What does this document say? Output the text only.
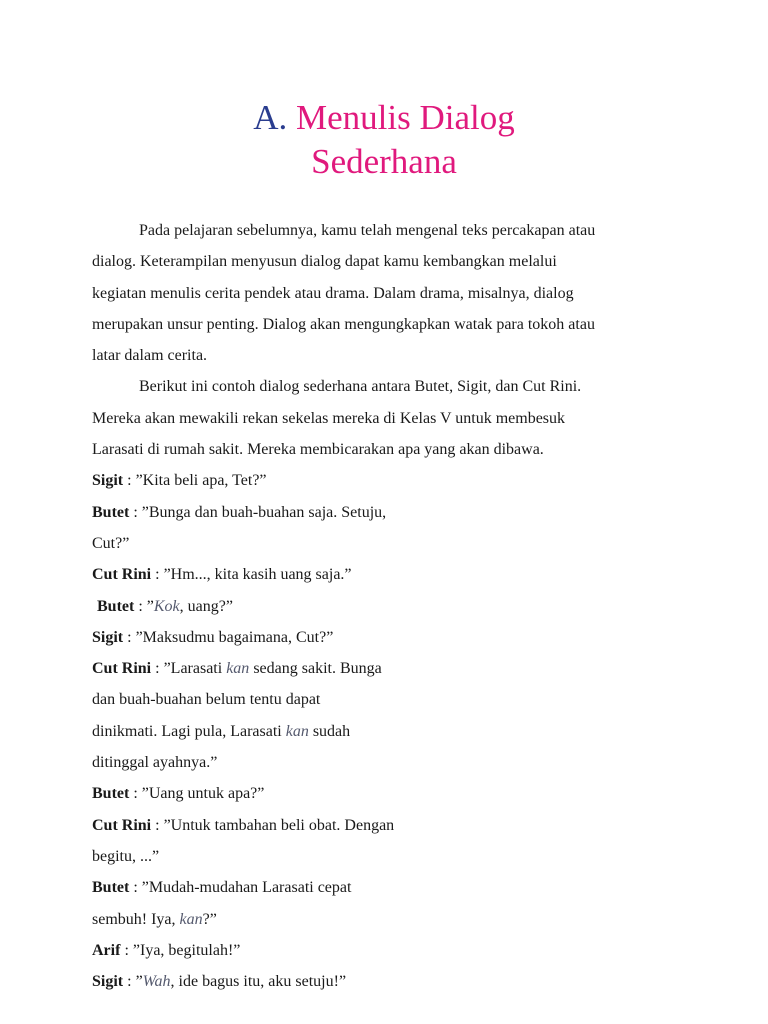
A. Menulis Dialog
Sederhana
Pada pelajaran sebelumnya, kamu telah mengenal teks percakapan atau
dialog. Keterampilan menyusun dialog dapat kamu kembangkan melalui
kegiatan menulis cerita pendek atau drama. Dalam drama, misalnya, dialog
merupakan unsur penting. Dialog akan mengungkapkan watak para tokoh atau
latar dalam cerita.
Berikut ini contoh dialog sederhana antara Butet, Sigit, dan Cut Rini.
Mereka akan mewakili rekan sekelas mereka di Kelas V untuk membesuk
Larasati di rumah sakit. Mereka membicarakan apa yang akan dibawa.
Sigit : ”Kita beli apa, Tet?”
Butet : ”Bunga dan buah-buahan saja. Setuju,
Cut?”
Cut Rini : ”Hm..., kita kasih uang saja.”
Butet : ”Kok, uang?”
Sigit : ”Maksudmu bagaimana, Cut?”
Cut Rini : ”Larasati kan sedang sakit. Bunga
dan buah-buahan belum tentu dapat
dinikmati. Lagi pula, Larasati kan sudah
ditinggal ayahnya.”
Butet : ”Uang untuk apa?”
Cut Rini : ”Untuk tambahan beli obat. Dengan
begitu, ...”
Butet : ”Mudah-mudahan Larasati cepat
sembuh! Iya, kan?”
Arif : ”Iya, begitulah!”
Sigit : ”Wah, ide bagus itu, aku setuju!”
